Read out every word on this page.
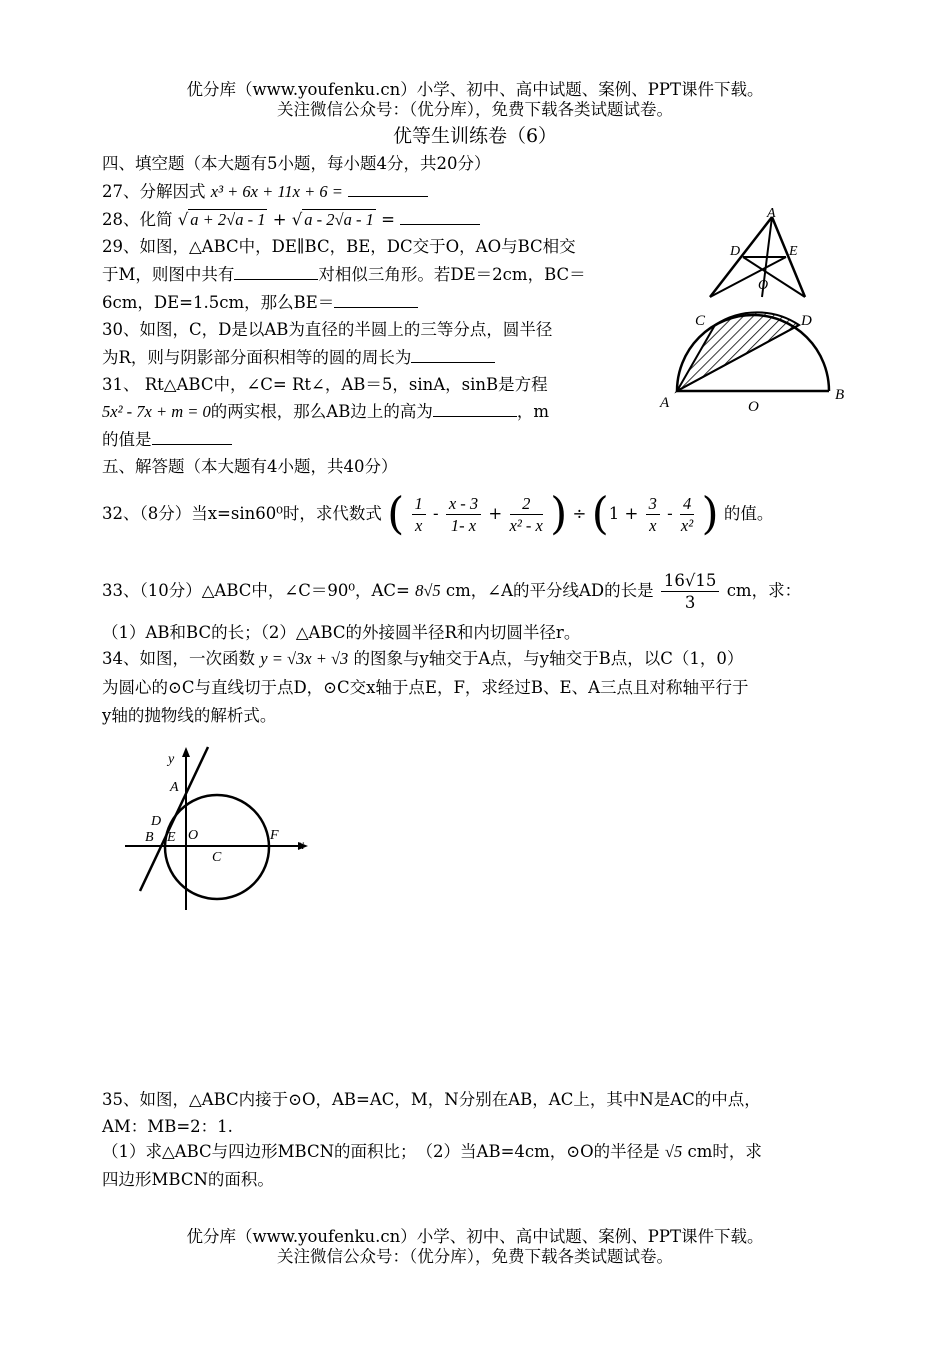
优分库（www.youfenku.cn）小学、初中、高中试题、案例、PPT课件下载。
关注微信公众号：（优分库），免费下载各类试题试卷。
优等生训练卷（6）
四、填空题（本大题有5小题，每小题4分，共20分）
27、分解因式 x³ + 6x + 11x + 6 =
28、化简 √ a + 2√a - 1 + √ a - 2√a - 1 =
29、如图，△ABC中，DE∥BC，BE，DC交于O，AO与BC相交
于M，则图中共有	对相似三角形。若DE＝2cm，BC＝
6cm，DE=1.5cm，那么BE＝
30、如图，C，D是以AB为直径的半圆上的三等分点，圆半径
为R，则与阴影部分面积相等的圆的周长为
31、 Rt△ABC中，∠C= Rt∠，AB＝5，sinA，sinB是方程
5x² - 7x + m = 0的两实根，那么AB边上的高为	，m
的值是
A
D	E
O
C	D
A	O
B
五、解答题（本大题有4小题，共40分）
32、（8分）当x=sin60⁰时，求代数式 ( $\frac{1}{x} - \frac{x - 3}{1- x} + \frac{2}{\text{x² - x}}$ ) ÷ ($1 + \frac{3}{x} - \frac{4}{\text{x²}}$ ) 的值。
33、（10分）△ABC中，∠C＝90⁰，AC= 8√5 cm，∠A的平分线AD的长是 $\frac{16√15}{3}$ cm，求：
（1）AB和BC的长；（2）△ABC的外接圆半径R和内切圆半径r。
34、如图，一次函数 y = √3x + √3 的图象与y轴交于A点，与y轴交于B点，以C（1，0）
为圆心的⊙C与直线切于点D，⊙C交x轴于点E，F，求经过B、E、A三点且对称轴平行于
y轴的抛物线的解析式。
y
A
D
B E O
C
F
x
35、如图，△ABC内接于⊙O，AB=AC，M，N分别在AB，AC上，其中N是AC的中点，
AM：MB=2：1.
（1）求△ABC与四边形MBCN的面积比；　（2）当AB=4cm，⊙O的半径是 √5 cm时，求
四边形MBCN的面积。
优分库（www.youfenku.cn）小学、初中、高中试题、案例、PPT课件下载。
关注微信公众号：（优分库），免费下载各类试题试卷。
